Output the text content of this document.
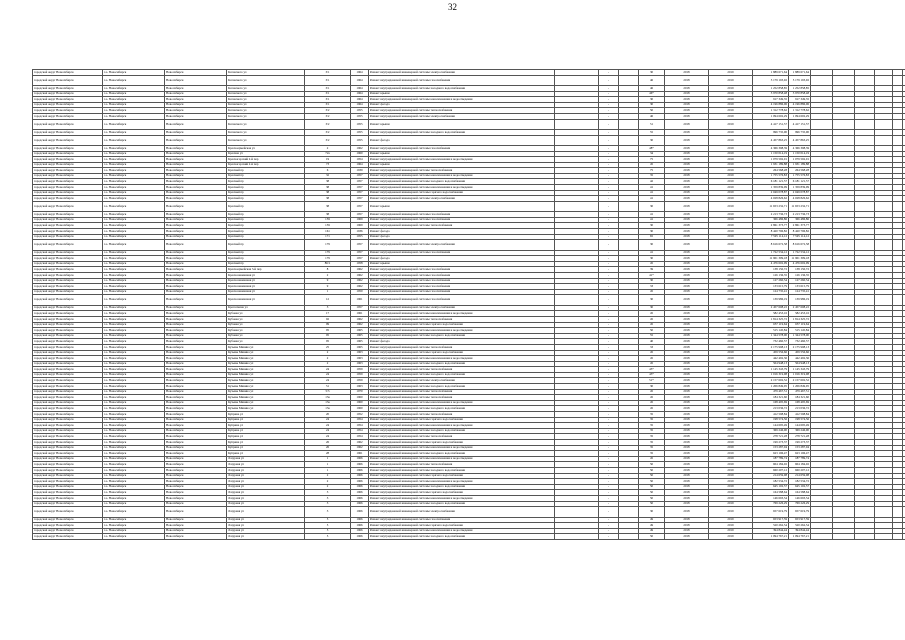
32
городской округ Новосибирск	г.о. Новосибирск	Новосибирск	Котовского ул	3/1	1964	Ремонт внутридомовой инженерной системы электроснабжения		-		30	2018	2019	1 889 671,64	1 889 671,64								
городской округ Новосибирск	г.о. Новосибирск	Новосибирск	Котовского ул	3/1	1964	Ремонт внутридомовой инженерной системы газоснабжения		-		46	2018	2019	5 179 193,92	5 179 193,92								
городской округ Новосибирск	г.о. Новосибирск	Новосибирск	Котовского ул	3/1	1964	Ремонт внутридомовой инженерной системы холодного водоснабжения		-		46	2018	2019	1 252 858,85	1 252 858,85								
городской округ Новосибирск	г.о. Новосибирск	Новосибирск	Котовского ул	3/1	1964	Ремонт крыши		-		46*	2018	2019	3 970 858,48	3 970 858,48								
городской округ Новосибирск	г.о. Новосибирск	Новосибирск	Котовского ул	3/1	1964	Ремонт внутридомовой инженерной системы канализования и водоотведения		-		30	2018	2019	917 349,35	917 349,35								
городской округ Новосибирск	г.о. Новосибирск	Новосибирск	Котовского ул	3/1	1964	Ремонт фасада		-		30	2018	2019	4 196 886,06	4 196 886,06								
городской округ Новосибирск	г.о. Новосибирск	Новосибирск	Котовского ул	3/2	1955	Ремонт внутридомовой инженерной системы теплоснабжения		-		50	2018	2019	1 312 778,62	1 312 778,62								
городской округ Новосибирск	г.о. Новосибирск	Новосибирск	Котовского ул	3/2	1955	Ремонт внутридомовой инженерной системы электроснабжения		-		46	2018	2019	1 094 602,29	1 094 602,29								
городской округ Новосибирск	г.о. Новосибирск	Новосибирск	Котовского ул	3/2	1955	Ремонт крыши		-		51	2018	2019	4 417 151,57	4 417 151,57								
городской округ Новосибирск	г.о. Новосибирск	Новосибирск	Котовского ул	3/2	1955	Ремонт внутридомовой инженерной системы холодного водоснабжения		-		55	2018	2019	996 735,90	996 735,90								
городской округ Новосибирск	г.о. Новосибирск	Новосибирск	Котовского ул	3/2	1955	Ремонт фасада		-		30	2018	2019	4 457 863,25	4 457 863,25								
городской округ Новосибирск	г.о. Новосибирск	Новосибирск	Красноармейская ул	2	1962	Ремонт внутридомовой инженерной системы газоснабжения		-		48*	2018	2019	4 366 398,39	4 366 398,39								
городской округ Новосибирск	г.о. Новосибирск	Новосибирск	Красина ул	72а	1960	Ремонт крыши		-		34	2018	2019	1 150 014,19	1 150 014,19								
городской округ Новосибирск	г.о. Новосибирск	Новосибирск	Красногорский 2-й пер	19	1954	Ремонт внутридомовой инженерной системы канализования и водоотведения		-		75	2018	2019	1 079 592,01	1 079 592,01								
городской округ Новосибирск	г.о. Новосибирск	Новосибирск	Красногорский 2-й пер	73	1964	Ремонт крыши		-		45	2018	2019	1 931 189,88	1 931 189,88								
городской округ Новосибирск	г.о. Новосибирск	Новосибирск	Красный пр	6	1939	Ремонт внутридомовой инженерной системы теплоснабжения		-		75	2018	2019	264 568,28	264 568,28								
городской округ Новосибирск	г.о. Новосибирск	Новосибирск	Красный пр	32	1957	Ремонт внутридомовой инженерной системы канализования и водоотведения		-		35	2018	2019	1 755 576,83	1 755 576,83								
городской округ Новосибирск	г.о. Новосибирск	Новосибирск	Красный пр	38	1957	Ремонт внутридомовой инженерной системы холодного водоснабжения		-		42	2018	2019	6 181 121,57	6 181 121,57								
городской округ Новосибирск	г.о. Новосибирск	Новосибирск	Красный пр	38	1957	Ремонт внутридомовой инженерной системы канализования и водоотведения		-		41	2018	2019	1 359 839,99	1 359 839,99								
городской округ Новосибирск	г.о. Новосибирск	Новосибирск	Красный пр	38	1957	Ремонт внутридомовой инженерной системы горячего водоснабжения		-		41	2018	2019	2 049 078,87	2 049 078,87								
городской округ Новосибирск	г.о. Новосибирск	Новосибирск	Красный пр	38	1957	Ремонт внутридомовой инженерной системы электроснабжения		-		41	2018	2019	4 028 826,62	4 028 826,62								
городской округ Новосибирск	г.о. Новосибирск	Новосибирск	Красный пр	38	1957	Ремонт крыши		-		30	2018	2019	11 653 232,71	11 653 232,71								
городской округ Новосибирск	г.о. Новосибирск	Новосибирск	Красный пр	38	1957	Ремонт внутридомовой инженерной системы газоснабжения		-		41	2018	2019	2 213 736,73	2 213 736,73								
городской округ Новосибирск	г.о. Новосибирск	Новосибирск	Красный пр	159	1969	Ремонт внутридомовой инженерной системы газоснабжения		-		41	2018	2019	366 486,86	366 486,86								
городской округ Новосибирск	г.о. Новосибирск	Новосибирск	Красный пр	159	1969	Ремонт внутридомовой инженерной системы теплоснабжения		-		30	2018	2019	2 861 373,77	2 861 373,77								
городской округ Новосибирск	г.о. Новосибирск	Новосибирск	Красный пр	161	1936	Ремонт фасада		-		30	2018	2019	8 420 796,82	8 420 796,82								
городской округ Новосибирск	г.о. Новосибирск	Новосибирск	Красный пр	171	1955	Ремонт фасада		-		65	2018	2019	7 595 114,12	7 595 114,12								
городской округ Новосибирск	г.о. Новосибирск	Новосибирск	Красный пр	179	1957	Ремонт внутридомовой инженерной системы электроснабжения		-		30	2018	2019	8 616 672,58	8 616 672,58								
городской округ Новосибирск	г.о. Новосибирск	Новосибирск	Красный пр	179	1957	Ремонт внутридомовой инженерной системы газоснабжения		-		41	2018	2019	1 722 534,12	1 722 534,12								
городской округ Новосибирск	г.о. Новосибирск	Новосибирск	Красный пр	179	1957	Ремонт фасада		-		30	2018	2019	11 901 309,18	11 901 309,18								
городской округ Новосибирск	г.о. Новосибирск	Новосибирск	Красный пр	86/1	1958	Ремонт крыши		-		45	2018	2019	4 476 602,99	4 476 602,99								
городской округ Новосибирск	г.о. Новосибирск	Новосибирск	Красноармейская 3-й пер	8	1962	Ремонт внутридомовой инженерной системы газоснабжения		-		39	2018	2019	138 150,72	138 150,72								
городской округ Новосибирск	г.о. Новосибирск	Новосибирск	Краснознаменная ул	2	1962	Ремонт внутридомовой инженерной системы газоснабжения		-		41*	2018	2019	126 136,35	126 136,35								
городской округ Новосибирск	г.о. Новосибирск	Новосибирск	Краснознаменная ул	9	1962	Ремонт внутридомовой инженерной системы газоснабжения		-		30	2018	2019	127 260,54	127 260,54								
городской округ Новосибирск	г.о. Новосибирск	Новосибирск	Краснознаменная ул	9	1962	Ремонт внутридомовой инженерной системы газоснабжения		-		33	2018	2019	133 615,79	133 615,79								
городской округ Новосибирск	г.о. Новосибирск	Новосибирск	Краснознаменная ул	1	1950	Ремонт внутридомовой инженерной системы газоснабжения		-		45	2018	2019	124 735,41	124 735,41								
городской округ Новосибирск	г.о. Новосибирск	Новосибирск	Краснознаменная ул	12	1961	Ремонт внутридомовой инженерной системы газоснабжения		-		30	2018	2019	139 986,19	139 986,19								
городской округ Новосибирск	г.о. Новосибирск	Новосибирск	Кропоткина ул	3	1957	Ремонт внутридомовой инженерной системы электроснабжения		-		30	2018	2019	2 457 608,22	2 457 608,22								
городской округ Новосибирск	г.о. Новосибирск	Новосибирск	Кубовая ул	17	1961	Ремонт внутридомовой инженерной системы канализования и водоотведения		-		45	2018	2019	582 453,16	582 453,16								
городской округ Новосибирск	г.о. Новосибирск	Новосибирск	Кубовая ул	92	1962	Ремонт внутридомовой инженерной системы теплоснабжения		-		45	2018	2019	1 814 325,72	1 814 325,72								
городской округ Новосибирск	г.о. Новосибирск	Новосибирск	Кубовая ул	99	1962	Ремонт внутридомовой инженерной системы горячего водоснабжения		-		45	2018	2019	657 119,64	657 119,64								
городской округ Новосибирск	г.о. Новосибирск	Новосибирск	Кубовая ул	95	1965	Ремонт внутридомовой инженерной системы канализования и водоотведения		-		50	2018	2019	515 145,84	515 145,84								
городской округ Новосибирск	г.о. Новосибирск	Новосибирск	Кубовая ул	95	1965	Ремонт внутридомовой инженерной системы холодного водоснабжения		-		55	2018	2019	1 344 578,00	1 344 578,00								
городской округ Новосибирск	г.о. Новосибирск	Новосибирск	Кубовая ул	95	1965	Ремонт фасада		-		40	2018	2019	732 460,57	732 460,57								
городской округ Новосибирск	г.о. Новосибирск	Новосибирск	Кузьмы Минина ул	25	1965	Ремонт внутридомовой инженерной системы теплоснабжения		-		33	2018	2019	2 175 998,13	2 175 998,13								
городской округ Новосибирск	г.о. Новосибирск	Новосибирск	Кузьмы Минина ул	2	1963	Ремонт внутридомовой инженерной системы горячего водоснабжения		-		45	2018	2019	459 556,66	459 556,66								
городской округ Новосибирск	г.о. Новосибирск	Новосибирск	Кузьмы Минина ул	2	1963	Ремонт внутридомовой инженерной системы канализования и водоотведения		-		45	2018	2019	442 492,36	442 492,36								
городской округ Новосибирск	г.о. Новосибирск	Новосибирск	Кузьмы Минина ул	2	1963	Ремонт внутридомовой инженерной системы холодного водоснабжения		-		45	2018	2019	504 948,13	504 948,13								
городской округ Новосибирск	г.о. Новосибирск	Новосибирск	Кузьмы Минина ул	24	1959	Ремонт внутридомовой инженерной системы теплоснабжения		-		45*	2018	2019	1 145 343,79	1 145 343,79								
городской округ Новосибирск	г.о. Новосибирск	Новосибирск	Кузьмы Минина ул	24	1959	Ремонт внутридомовой инженерной системы холодного водоснабжения		-		43*	2018	2019	1 016 319,98	1 016 319,98								
городской округ Новосибирск	г.о. Новосибирск	Новосибирск	Кузьмы Минина ул	24	1959	Ремонт внутридомовой инженерной системы электроснабжения		-		51*	2018	2019	2 157 602,52	2 157 602,52								
городской округ Новосибирск	г.о. Новосибирск	Новосибирск	Кузьмы Минина ул	51	1963	Ремонт внутридомовой инженерной системы холодного водоснабжения		-		30	2018	2019	1 206 849,95	1 206 849,95								
городской округ Новосибирск	г.о. Новосибирск	Новосибирск	Кузьмы Минина ул	5/3	1970	Ремонт внутридомовой инженерной системы теплоснабжения		-		45	2018	2019	479 467,51	479 467,51								
городской округ Новосибирск	г.о. Новосибирск	Новосибирск	Кузьмы Минина ул	13а	1960	Ремонт внутридомовой инженерной системы теплоснабжения		-		45	2018	2019	184 321,60	184 321,60								
городской округ Новосибирск	г.о. Новосибирск	Новосибирск	Кузьмы Минина ул	13а	1960	Ремонт внутридомовой инженерной системы канализования и водоотведения		-		45	2018	2019	168 495,69	168 495,69								
городской округ Новосибирск	г.о. Новосибирск	Новосибирск	Кузьмы Минина ул	13а	1960	Ремонт внутридомовой инженерной системы холодного водоснабжения		-		45	2018	2019	213 036,72	213 036,72								
городской округ Новосибирск	г.о. Новосибирск	Новосибирск	Куприна ул	20	1952	Ремонт внутридомовой инженерной системы теплоснабжения		-		35	2018	2019	412 598,84	412 598,84								
городской округ Новосибирск	г.о. Новосибирск	Новосибирск	Куприна ул	24	1954	Ремонт внутридомовой инженерной системы горячего водоснабжения		-		35	2018	2019	198 574,56	198 574,56								
городской округ Новосибирск	г.о. Новосибирск	Новосибирск	Куприна ул	24	1954	Ремонт внутридомовой инженерной системы канализования и водоотведения		-		35	2018	2019	144 695,49	144 695,49								
городской округ Новосибирск	г.о. Новосибирск	Новосибирск	Куприна ул	24	1954	Ремонт внутридомовой инженерной системы холодного водоснабжения		-		35	2018	2019	369 246,90	369 246,90								
городской округ Новосибирск	г.о. Новосибирск	Новосибирск	Куприна ул	24	1954	Ремонт внутридомовой инженерной системы теплоснабжения		-		35	2018	2019	278 721,28	278 721,28								
городской округ Новосибирск	г.о. Новосибирск	Новосибирск	Куприна ул	26	1962	Ремонт внутридомовой инженерной системы горячего водоснабжения		-		35	2018	2019	199 273,37	199 273,37								
городской округ Новосибирск	г.о. Новосибирск	Новосибирск	Куприна ул	26	1962	Ремонт внутридомовой инженерной системы канализования и водоотведения		-		35	2018	2019	153 287,04	153 287,04								
городской округ Новосибирск	г.о. Новосибирск	Новосибирск	Куприна ул	28	1961	Ремонт внутридомовой инженерной системы холодного водоснабжения		-		35	2018	2019	623 196,47	623 196,47								
городской округ Новосибирск	г.о. Новосибирск	Новосибирск	Лазурная ул	1	1966	Ремонт внутридомовой инженерной системы канализования и водоотведения		-		45	2018	2019	187 789,74	187 789,74								
городской округ Новосибирск	г.о. Новосибирск	Новосибирск	Лазурная ул	1	1966	Ремонт внутридомовой инженерной системы теплоснабжения		-		50	2018	2019	604 184,02	604 184,02								
городской округ Новосибирск	г.о. Новосибирск	Новосибирск	Лазурная ул	1	1966	Ремонт внутридомовой инженерной системы холодного водоснабжения		-		50	2018	2019	660 207,12	660 207,12								
городской округ Новосибирск	г.о. Новосибирск	Новосибирск	Лазурная ул	2	1966	Ремонт внутридомовой инженерной системы горячего водоснабжения		-		50	2018	2019	214 659,98	214 659,98								
городской округ Новосибирск	г.о. Новосибирск	Новосибирск	Лазурная ул	2	1966	Ремонт внутридомовой инженерной системы канализования и водоотведения		-		50	2018	2019	182 534,72	182 534,72								
городской округ Новосибирск	г.о. Новосибирск	Новосибирск	Лазурная ул	2	1966	Ремонт внутридомовой инженерной системы холодного водоснабжения		-		50	2018	2019	645 102,57	645 102,57								
городской округ Новосибирск	г.о. Новосибирск	Новосибирск	Лазурная ул	3	1966	Ремонт внутридомовой инженерной системы горячего водоснабжения		-		50	2018	2019	164 588,64	164 588,64								
городской округ Новосибирск	г.о. Новосибирск	Новосибирск	Лазурная ул	3	1966	Ремонт внутридомовой инженерной системы канализования и водоотведения		-		50	2018	2019	146 693,54	146 693,54								
городской округ Новосибирск	г.о. Новосибирск	Новосибирск	Лазурная ул	3	1966	Ремонт внутридомовой инженерной системы холодного водоснабжения		-		50	2018	2019	769 226,29	769 226,29								
городской округ Новосибирск	г.о. Новосибирск	Новосибирск	Лазурная ул	3	1966	Ремонт внутридомовой инженерной системы электроснабжения		-		30	2018	2019	657 619,79	657 619,79								
городской округ Новосибирск	г.о. Новосибирск	Новосибирск	Лазурная ул	5	1966	Ремонт внутридомовой инженерной системы газоснабжения		-		49	2018	2019	653 917,59	653 917,59								
городской округ Новосибирск	г.о. Новосибирск	Новосибирск	Лазурная ул	5	1966	Ремонт внутридомовой инженерной системы горячего водоснабжения		-		49	2018	2019	520 262,54	520 262,54								
городской округ Новосибирск	г.о. Новосибирск	Новосибирск	Лазурная ул	5	1966	Ремонт внутридомовой инженерной системы канализования и водоотведения		-		49	2018	2019	394 844,44	394 844,44								
городской округ Новосибирск	г.о. Новосибирск	Новосибирск	Лазурная ул	5	1966	Ремонт внутридомовой инженерной системы холодного водоснабжения		-		50	2018	2019	1 094 767,21	1 094 767,21								
